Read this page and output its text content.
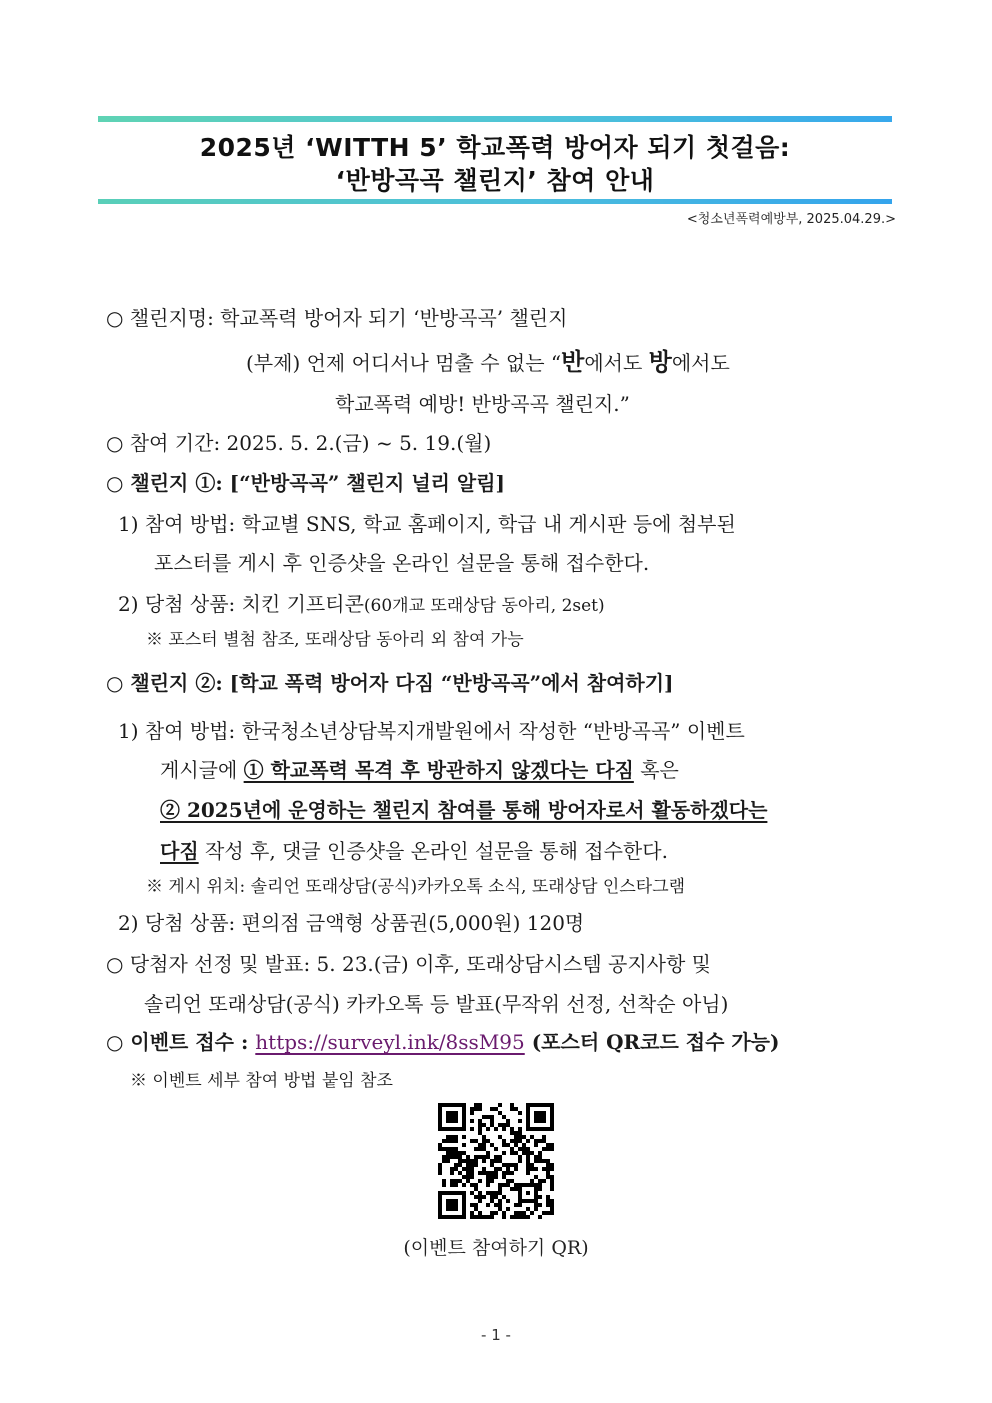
2025년 ‘WITTH 5’ 학교폭력 방어자 되기 첫걸음:
‘반방곡곡 챌린지’ 참여 안내
<청소년폭력예방부, 2025.04.29.>
○ 챌린지명: 학교폭력 방어자 되기 ‘반방곡곡’ 챌린지
(부제) 언제 어디서나 멈출 수 없는 “반에서도 방에서도
학교폭력 예방! 반방곡곡 챌린지.”
○ 참여 기간: 2025. 5. 2.(금) ~ 5. 19.(월)
○ 챌린지 ①: [“반방곡곡” 챌린지 널리 알림]
1) 참여 방법: 학교별 SNS, 학교 홈페이지, 학급 내 게시판 등에 첨부된
포스터를 게시 후 인증샷을 온라인 설문을 통해 접수한다.
2) 당첨 상품: 치킨 기프티콘(60개교 또래상담 동아리, 2set)
※ 포스터 별첨 참조, 또래상담 동아리 외 참여 가능
○ 챌린지 ②: [학교 폭력 방어자 다짐 “반방곡곡”에서 참여하기]
1) 참여 방법: 한국청소년상담복지개발원에서 작성한 “반방곡곡” 이벤트
게시글에 ① 학교폭력 목격 후 방관하지 않겠다는 다짐 혹은
② 2025년에 운영하는 챌린지 참여를 통해 방어자로서 활동하겠다는
다짐 작성 후, 댓글 인증샷을 온라인 설문을 통해 접수한다.
※ 게시 위치: 솔리언 또래상담(공식)카카오톡 소식, 또래상담 인스타그램
2) 당첨 상품: 편의점 금액형 상품권(5,000원) 120명
○ 당첨자 선정 및 발표: 5. 23.(금) 이후, 또래상담시스템 공지사항 및
솔리언 또래상담(공식) 카카오톡 등 발표(무작위 선정, 선착순 아님)
○ 이벤트 접수 : https://surveyl.ink/8ssM95 (포스터 QR코드 접수 가능)
※ 이벤트 세부 참여 방법 붙임 참조
(이벤트 참여하기 QR)
- 1 -
